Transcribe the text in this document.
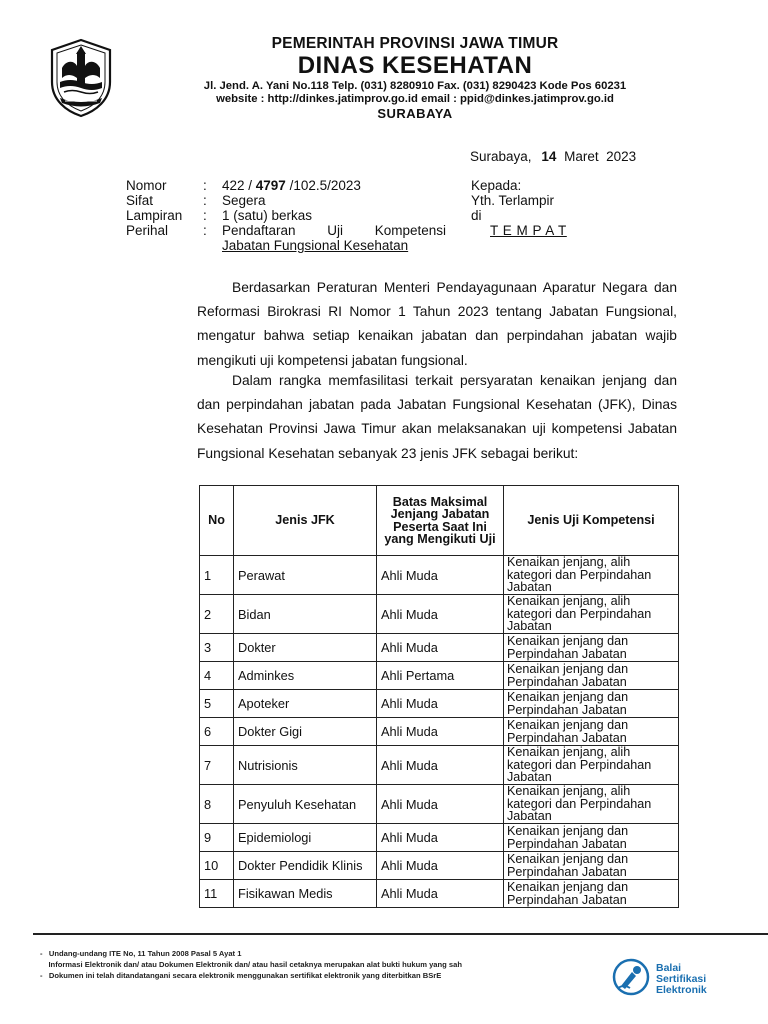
PEMERINTAH PROVINSI JAWA TIMUR
DINAS KESEHATAN
Jl. Jend. A. Yani No.118 Telp. (031) 8280910 Fax. (031) 8290423 Kode Pos 60231
website : http://dinkes.jatimprov.go.id email : ppid@dinkes.jatimprov.go.id
SURABAYA
Surabaya, 14 Maret  2023
Nomor	: 422 / 4797 /102.5/2023
Sifat	: Segera
Lampiran : 1 (satu) berkas
Perihal	: Pendaftaran Uji Kompetensi
Jabatan Fungsional Kesehatan
Kepada:
Yth. Terlampir
di
T E M P A T
Berdasarkan Peraturan Menteri Pendayagunaan Aparatur Negara dan Reformasi Birokrasi RI Nomor 1 Tahun 2023 tentang Jabatan Fungsional, mengatur bahwa setiap kenaikan jabatan dan perpindahan jabatan wajib mengikuti uji kompetensi jabatan fungsional.
Dalam rangka memfasilitasi terkait persyaratan kenaikan jenjang dan dan perpindahan jabatan pada Jabatan Fungsional Kesehatan (JFK), Dinas Kesehatan Provinsi Jawa Timur akan melaksanakan uji kompetensi Jabatan Fungsional Kesehatan sebanyak 23 jenis JFK sebagai berikut:
No	Jenis JFK	Batas Maksimal Jenjang Jabatan Peserta Saat Ini yang Mengikuti Uji	Jenis Uji Kompetensi
1	Perawat	Ahli Muda	Kenaikan jenjang, alih kategori dan Perpindahan Jabatan
2	Bidan	Ahli Muda	Kenaikan jenjang, alih kategori dan Perpindahan Jabatan
3	Dokter	Ahli Muda	Kenaikan jenjang dan Perpindahan Jabatan
4	Adminkes	Ahli Pertama	Kenaikan jenjang dan Perpindahan Jabatan
5	Apoteker	Ahli Muda	Kenaikan jenjang dan Perpindahan Jabatan
6	Dokter Gigi	Ahli Muda	Kenaikan jenjang dan Perpindahan Jabatan
7	Nutrisionis	Ahli Muda	Kenaikan jenjang, alih kategori dan Perpindahan Jabatan
8	Penyuluh Kesehatan	Ahli Muda	Kenaikan jenjang, alih kategori dan Perpindahan Jabatan
9	Epidemiologi	Ahli Muda	Kenaikan jenjang dan Perpindahan Jabatan
10	Dokter Pendidik Klinis	Ahli Muda	Kenaikan jenjang dan Perpindahan Jabatan
11	Fisikawan Medis	Ahli Muda	Kenaikan jenjang dan Perpindahan Jabatan
-   Undang-undang ITE No, 11 Tahun 2008 Pasal 5 Ayat 1
Informasi Elektronik dan/ atau Dokumen Elektronik dan/ atau hasil cetaknya merupakan alat bukti hukum yang sah
-   Dokumen ini telah ditandatangani secara elektronik menggunakan sertifikat elektronik yang diterbitkan BSrE
Balai
Sertifikasi
Elektronik
